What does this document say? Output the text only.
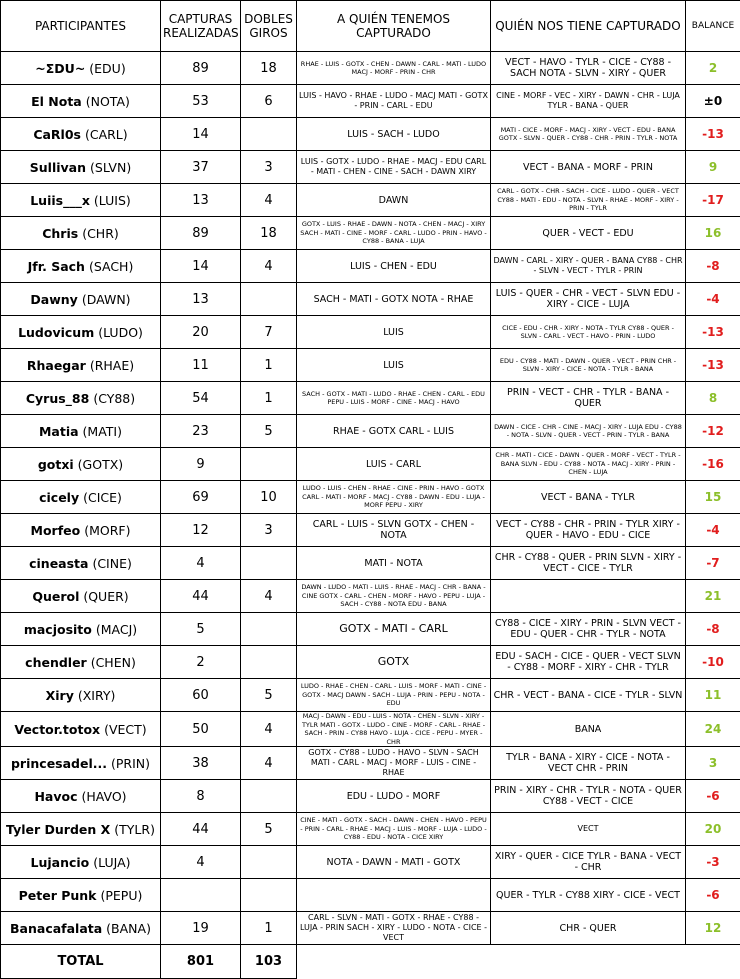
PARTICIPANTES	CAPTURAS REALIZADAS	DOBLES GIROS	A QUIÉN TENEMOS CAPTURADO	QUIÉN NOS TIENE CAPTURADO	BALANCE
~ΣDU~ (EDU)	89	18	RHAE - LUIS - GOTX - CHEN - DAWN - CARL - MATI - LUDO MACJ - MORF - PRIN - CHR	VECT - HAVO - TYLR - CICE - CY88 - SACH NOTA - SLVN - XIRY - QUER	2
El Nota (NOTA)	53	6	LUIS - HAVO - RHAE - LUDO - MACJ MATI - GOTX - PRIN - CARL - EDU	CINE - MORF - VEC - XIRY - DAWN - CHR - LUJA TYLR - BANA - QUER	±0
CaRl0s (CARL)	14		LUIS - SACH - LUDO	MATI - CICE - MORF - MACJ - XIRY - VECT - EDU - BANA GOTX - SLVN - QUER - CY88 - CHR - PRIN - TYLR - NOTA	-13
Sullivan (SLVN)	37	3	LUIS - GOTX - LUDO - RHAE - MACJ - EDU CARL - MATI - CHEN - CINE - SACH - DAWN XIRY	VECT - BANA - MORF - PRIN	9
Luiis___x (LUIS)	13	4	DAWN	CARL - GOTX - CHR - SACH - CICE - LUDO - QUER - VECT CY88 - MATI - EDU - NOTA - SLVN - RHAE - MORF - XIRY - PRIN - TYLR	-17
Chris (CHR)	89	18	GOTX - LUIS - RHAE - DAWN - NOTA - CHEN - MACJ - XIRY SACH - MATI - CINE - MORF - CARL - LUDO - PRIN - HAVO - CY88 - BANA - LUJA	QUER - VECT - EDU	16
Jfr. Sach (SACH)	14	4	LUIS - CHEN - EDU	DAWN - CARL - XIRY - QUER - BANA CY88 - CHR - SLVN - VECT - TYLR - PRIN	-8
Dawny (DAWN)	13		SACH - MATI - GOTX NOTA - RHAE	LUIS - QUER - CHR - VECT - SLVN EDU - XIRY - CICE - LUJA	-4
Ludovicum (LUDO)	20	7	LUIS	CICE - EDU - CHR - XIRY - NOTA - TYLR CY88 - QUER - SLVN - CARL - VECT - HAVO - PRIN - LUDO	-13
Rhaegar (RHAE)	11	1	LUIS	EDU - CY88 - MATI - DAWN - QUER - VECT - PRIN CHR - SLVN - XIRY - CICE - NOTA - TYLR - BANA	-13
Cyrus_88 (CY88)	54	1	SACH - GOTX - MATI - LUDO - RHAE - CHEN - CARL - EDU PEPU - LUIS - MORF - CINE - MACJ - HAVO	PRIN - VECT - CHR - TYLR - BANA - QUER	8
Matia (MATI)	23	5	RHAE - GOTX CARL - LUIS	DAWN - CICE - CHR - CINE - MACJ - XIRY - LUJA EDU - CY88 - NOTA - SLVN - QUER - VECT - PRIN - TYLR - BANA	-12
gotxi (GOTX)	9		LUIS - CARL	CHR - MATI - CICE - DAWN - QUER - MORF - VECT - TYLR - BANA SLVN - EDU - CY88 - NOTA - MACJ - XIRY - PRIN - CHEN - LUJA	-16
cicely (CICE)	69	10	LUDO - LUIS - CHEN - RHAE - CINE - PRIN - HAVO - GOTX CARL - MATI - MORF - MACJ - CY88 - DAWN - EDU - LUJA - MORF PEPU - XIRY	VECT - BANA - TYLR	15
Morfeo (MORF)	12	3	CARL - LUIS - SLVN GOTX - CHEN - NOTA	VECT - CY88 - CHR - PRIN - TYLR XIRY - QUER - HAVO - EDU - CICE	-4
cineasta (CINE)	4		MATI - NOTA	CHR - CY88 - QUER - PRIN SLVN - XIRY - VECT - CICE - TYLR	-7
Querol (QUER)	44	4	DAWN - LUDO - MATI - LUIS - RHAE - MACJ - CHR - BANA - CINE GOTX - CARL - CHEN - MORF - HAVO - PEPU - LUJA - SACH - CY88 - NOTA EDU - BANA		21
macjosito (MACJ)	5		GOTX - MATI - CARL	CY88 - CICE - XIRY - PRIN - SLVN VECT - EDU - QUER - CHR - TYLR - NOTA	-8
chendler (CHEN)	2		GOTX	EDU - SACH - CICE - QUER - VECT SLVN - CY88 - MORF - XIRY - CHR - TYLR	-10
Xiry (XIRY)	60	5	LUDO - RHAE - CHEN - CARL - LUIS - MORF - MATI - CINE - GOTX - MACJ DAWN - SACH - LUJA - PRIN - PEPU - NOTA - EDU	CHR - VECT - BANA - CICE - TYLR - SLVN	11
Vector.totox (VECT)	50	4	MACJ - DAWN - EDU - LUIS - NOTA - CHEN - SLVN - XIRY - TYLR MATI - GOTX - LUDO - CINE - MORF - CARL - RHAE - SACH - PRIN - CY88 HAVO - LUJA - CICE - PEPU - MYER - CHR	BANA	24
princesadel... (PRIN)	38	4	GOTX - CY88 - LUDO - HAVO - SLVN - SACH MATI - CARL - MACJ - MORF - LUIS - CINE - RHAE	TYLR - BANA - XIRY - CICE - NOTA - VECT CHR - PRIN	3
Havoc (HAVO)	8		EDU - LUDO - MORF	PRIN - XIRY - CHR - TYLR - NOTA - QUER CY88 - VECT - CICE	-6
Tyler Durden X (TYLR)	44	5	CINE - MATI - GOTX - SACH - DAWN - CHEN - HAVO - PEPU - PRIN - CARL - RHAE - MACJ - LUIS - MORF - LUJA - LUDO - CY88 - EDU - NOTA - CICE XIRY	VECT	20
Lujancio (LUJA)	4		NOTA - DAWN - MATI - GOTX	XIRY - QUER - CICE TYLR - BANA - VECT - CHR	-3
Peter Punk (PEPU)				QUER - TYLR - CY88 XIRY - CICE - VECT	-6
Banacafalata (BANA)	19	1	CARL - SLVN - MATI - GOTX - RHAE - CY88 - LUJA - PRIN SACH - XIRY - LUDO - NOTA - CICE - VECT	CHR - QUER	12
TOTAL	801	103			
